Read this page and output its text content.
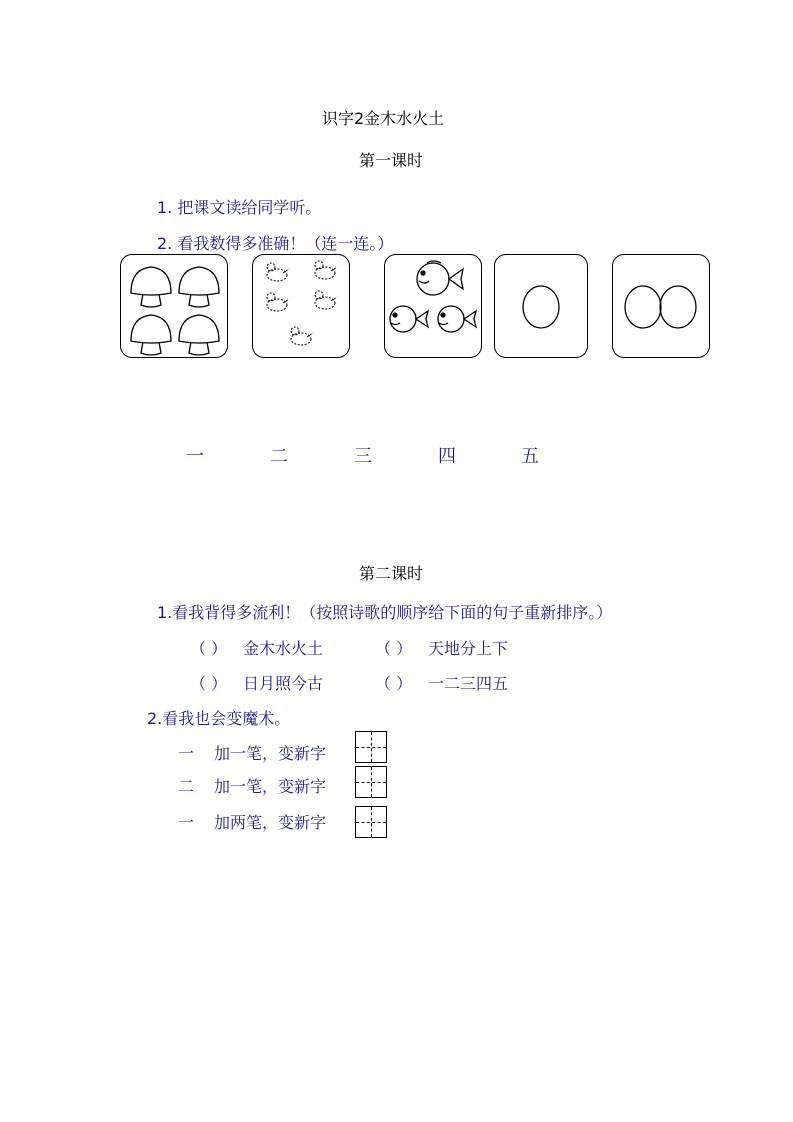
识字2金木水火土
第一课时
1. 把课文读给同学听。
2. 看我数得多准确！（连一连。）
一	二	三	四	五
第二课时
1.看我背得多流利！（按照诗歌的顺序给下面的句子重新排序。）
（ ） 金木水火土	（ ） 天地分上下
（ ） 日月照今古	（ ） 一二三四五
2.看我也会变魔术。
一 加一笔，变新字
二 加一笔，变新字
一 加两笔，变新字
